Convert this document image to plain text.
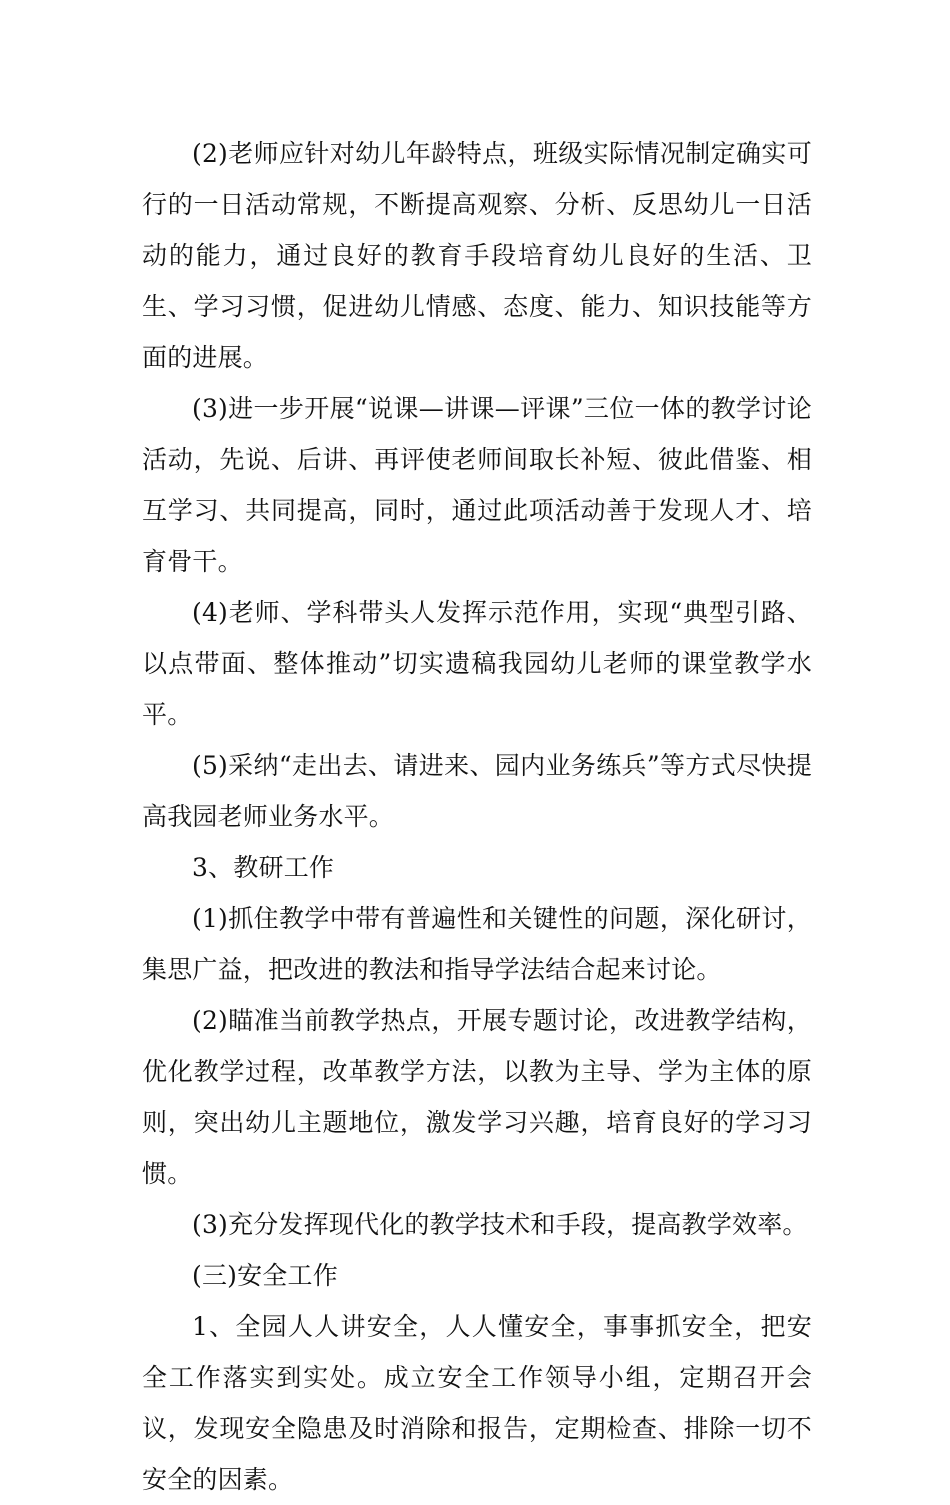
(2)老师应针对幼儿年龄特点，班级实际情况制定确实可行的一日活动常规，不断提高观察、分析、反思幼儿一日活动的能力，通过良好的教育手段培育幼儿良好的生活、卫生、学习习惯，促进幼儿情感、态度、能力、知识技能等方面的进展。

(3)进一步开展“说课—讲课—评课”三位一体的教学讨论活动，先说、后讲、再评使老师间取长补短、彼此借鉴、相互学习、共同提高，同时，通过此项活动善于发现人才、培育骨干。

(4)老师、学科带头人发挥示范作用，实现“典型引路、以点带面、整体推动”切实遗稿我园幼儿老师的课堂教学水平。

(5)采纳“走出去、请进来、园内业务练兵”等方式尽快提高我园老师业务水平。

3、教研工作

(1)抓住教学中带有普遍性和关键性的问题，深化研讨，集思广益，把改进的教法和指导学法结合起来讨论。

(2)瞄准当前教学热点，开展专题讨论，改进教学结构，优化教学过程，改革教学方法，以教为主导、学为主体的原则，突出幼儿主题地位，激发学习兴趣，培育良好的学习习惯。

(3)充分发挥现代化的教学技术和手段，提高教学效率。

(三)安全工作

1、全园人人讲安全，人人懂安全，事事抓安全，把安全工作落实到实处。成立安全工作领导小组，定期召开会议，发现安全隐患及时消除和报告，定期检查、排除一切不安全的因素。
